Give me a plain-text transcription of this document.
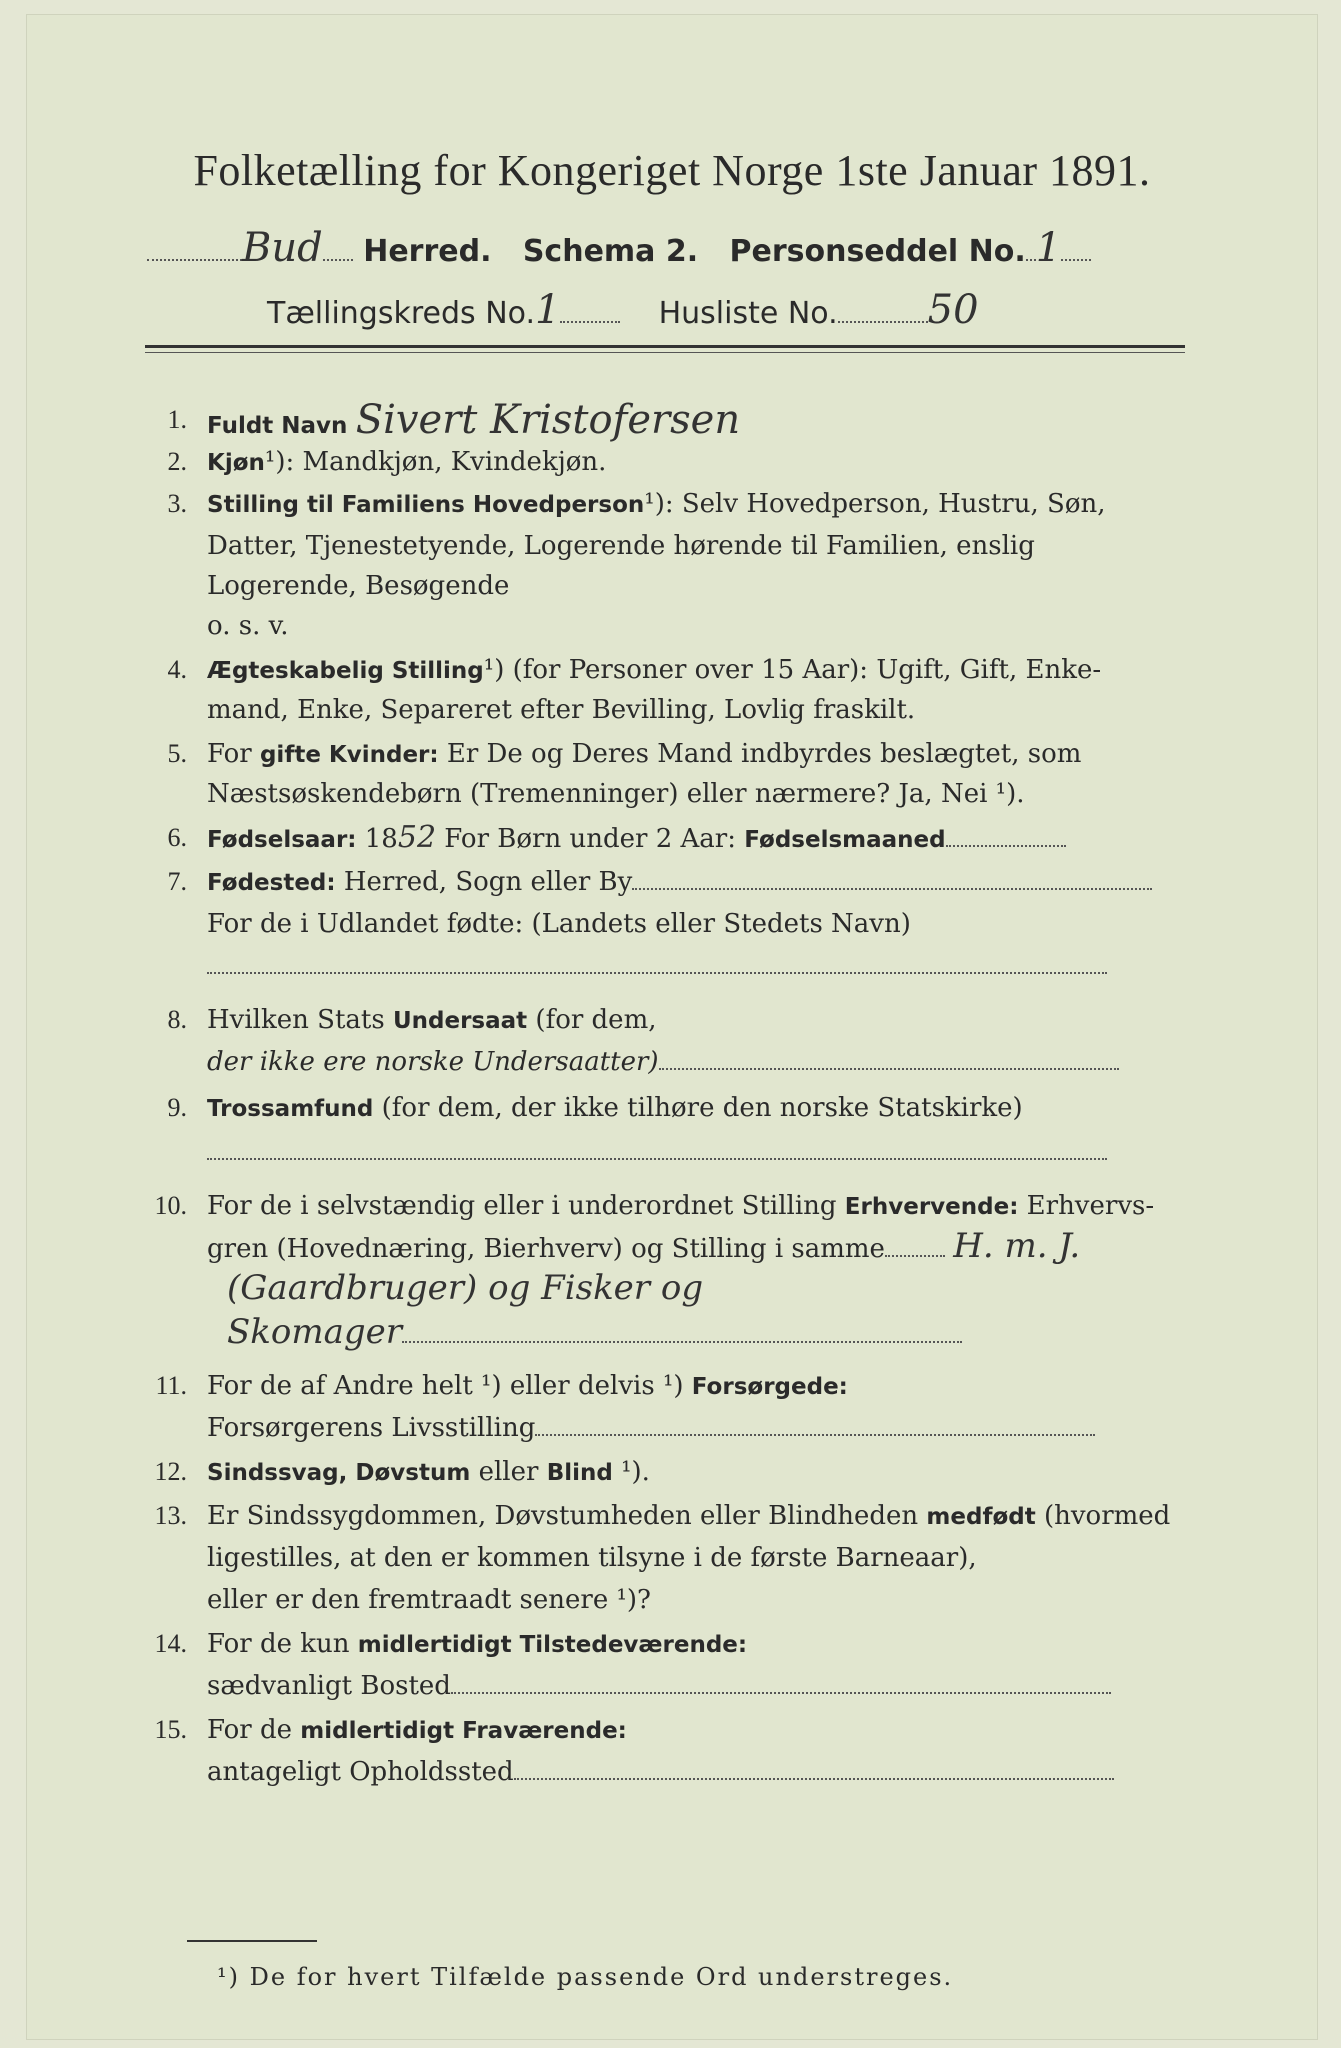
Folketælling for Kongeriget Norge 1ste Januar 1891.
Bud Herred. Schema 2. Personseddel No. 1
Tællingskreds No.1	Husliste No. 50
1. Fuldt Navn Sivert Kristofersen
2. Kjøn¹): Mandkjøn, Kvindekjøn.
3. Stilling til Familiens Hovedperson¹): Selv Hovedperson, Hustru, Søn,
Datter, Tjenestetyende, Logerende hørende til Familien, enslig
Logerende, Besøgende
o. s. v.
4. Ægteskabelig Stilling¹) (for Personer over 15 Aar): Ugift, Gift, Enke-
mand, Enke, Separeret efter Bevilling, Lovlig fraskilt.
5. For gifte Kvinder: Er De og Deres Mand indbyrdes beslægtet, som
Næstsøskendebørn (Tremenninger) eller nærmere? Ja, Nei ¹).
6. Fødselsaar: 1852 For Børn under 2 Aar: Fødselsmaaned
7. Fødested: Herred, Sogn eller By
For de i Udlandet fødte: (Landets eller Stedets Navn)
8. Hvilken Stats Undersaat (for dem,
der ikke ere norske Undersaatter)
9. Trossamfund (for dem, der ikke tilhøre den norske Statskirke)
10. For de i selvstændig eller i underordnet Stilling Erhvervende: Erhvervs-
gren (Hovednæring, Bierhverv) og Stilling i samme H. m. J.
(Gaardbruger) og Fisker og
Skomager
11. For de af Andre helt ¹) eller delvis ¹) Forsørgede:
Forsørgerens Livsstilling
12. Sindssvag, Døvstum eller Blind ¹).
13. Er Sindssygdommen, Døvstumheden eller Blindheden medfødt (hvormed
ligestilles, at den er kommen tilsyne i de første Barneaar),
eller er den fremtraadt senere ¹)?
14. For de kun midlertidigt Tilstedeværende:
sædvanligt Bosted
15. For de midlertidigt Fraværende:
antageligt Opholdssted
¹) De for hvert Tilfælde passende Ord understreges.
